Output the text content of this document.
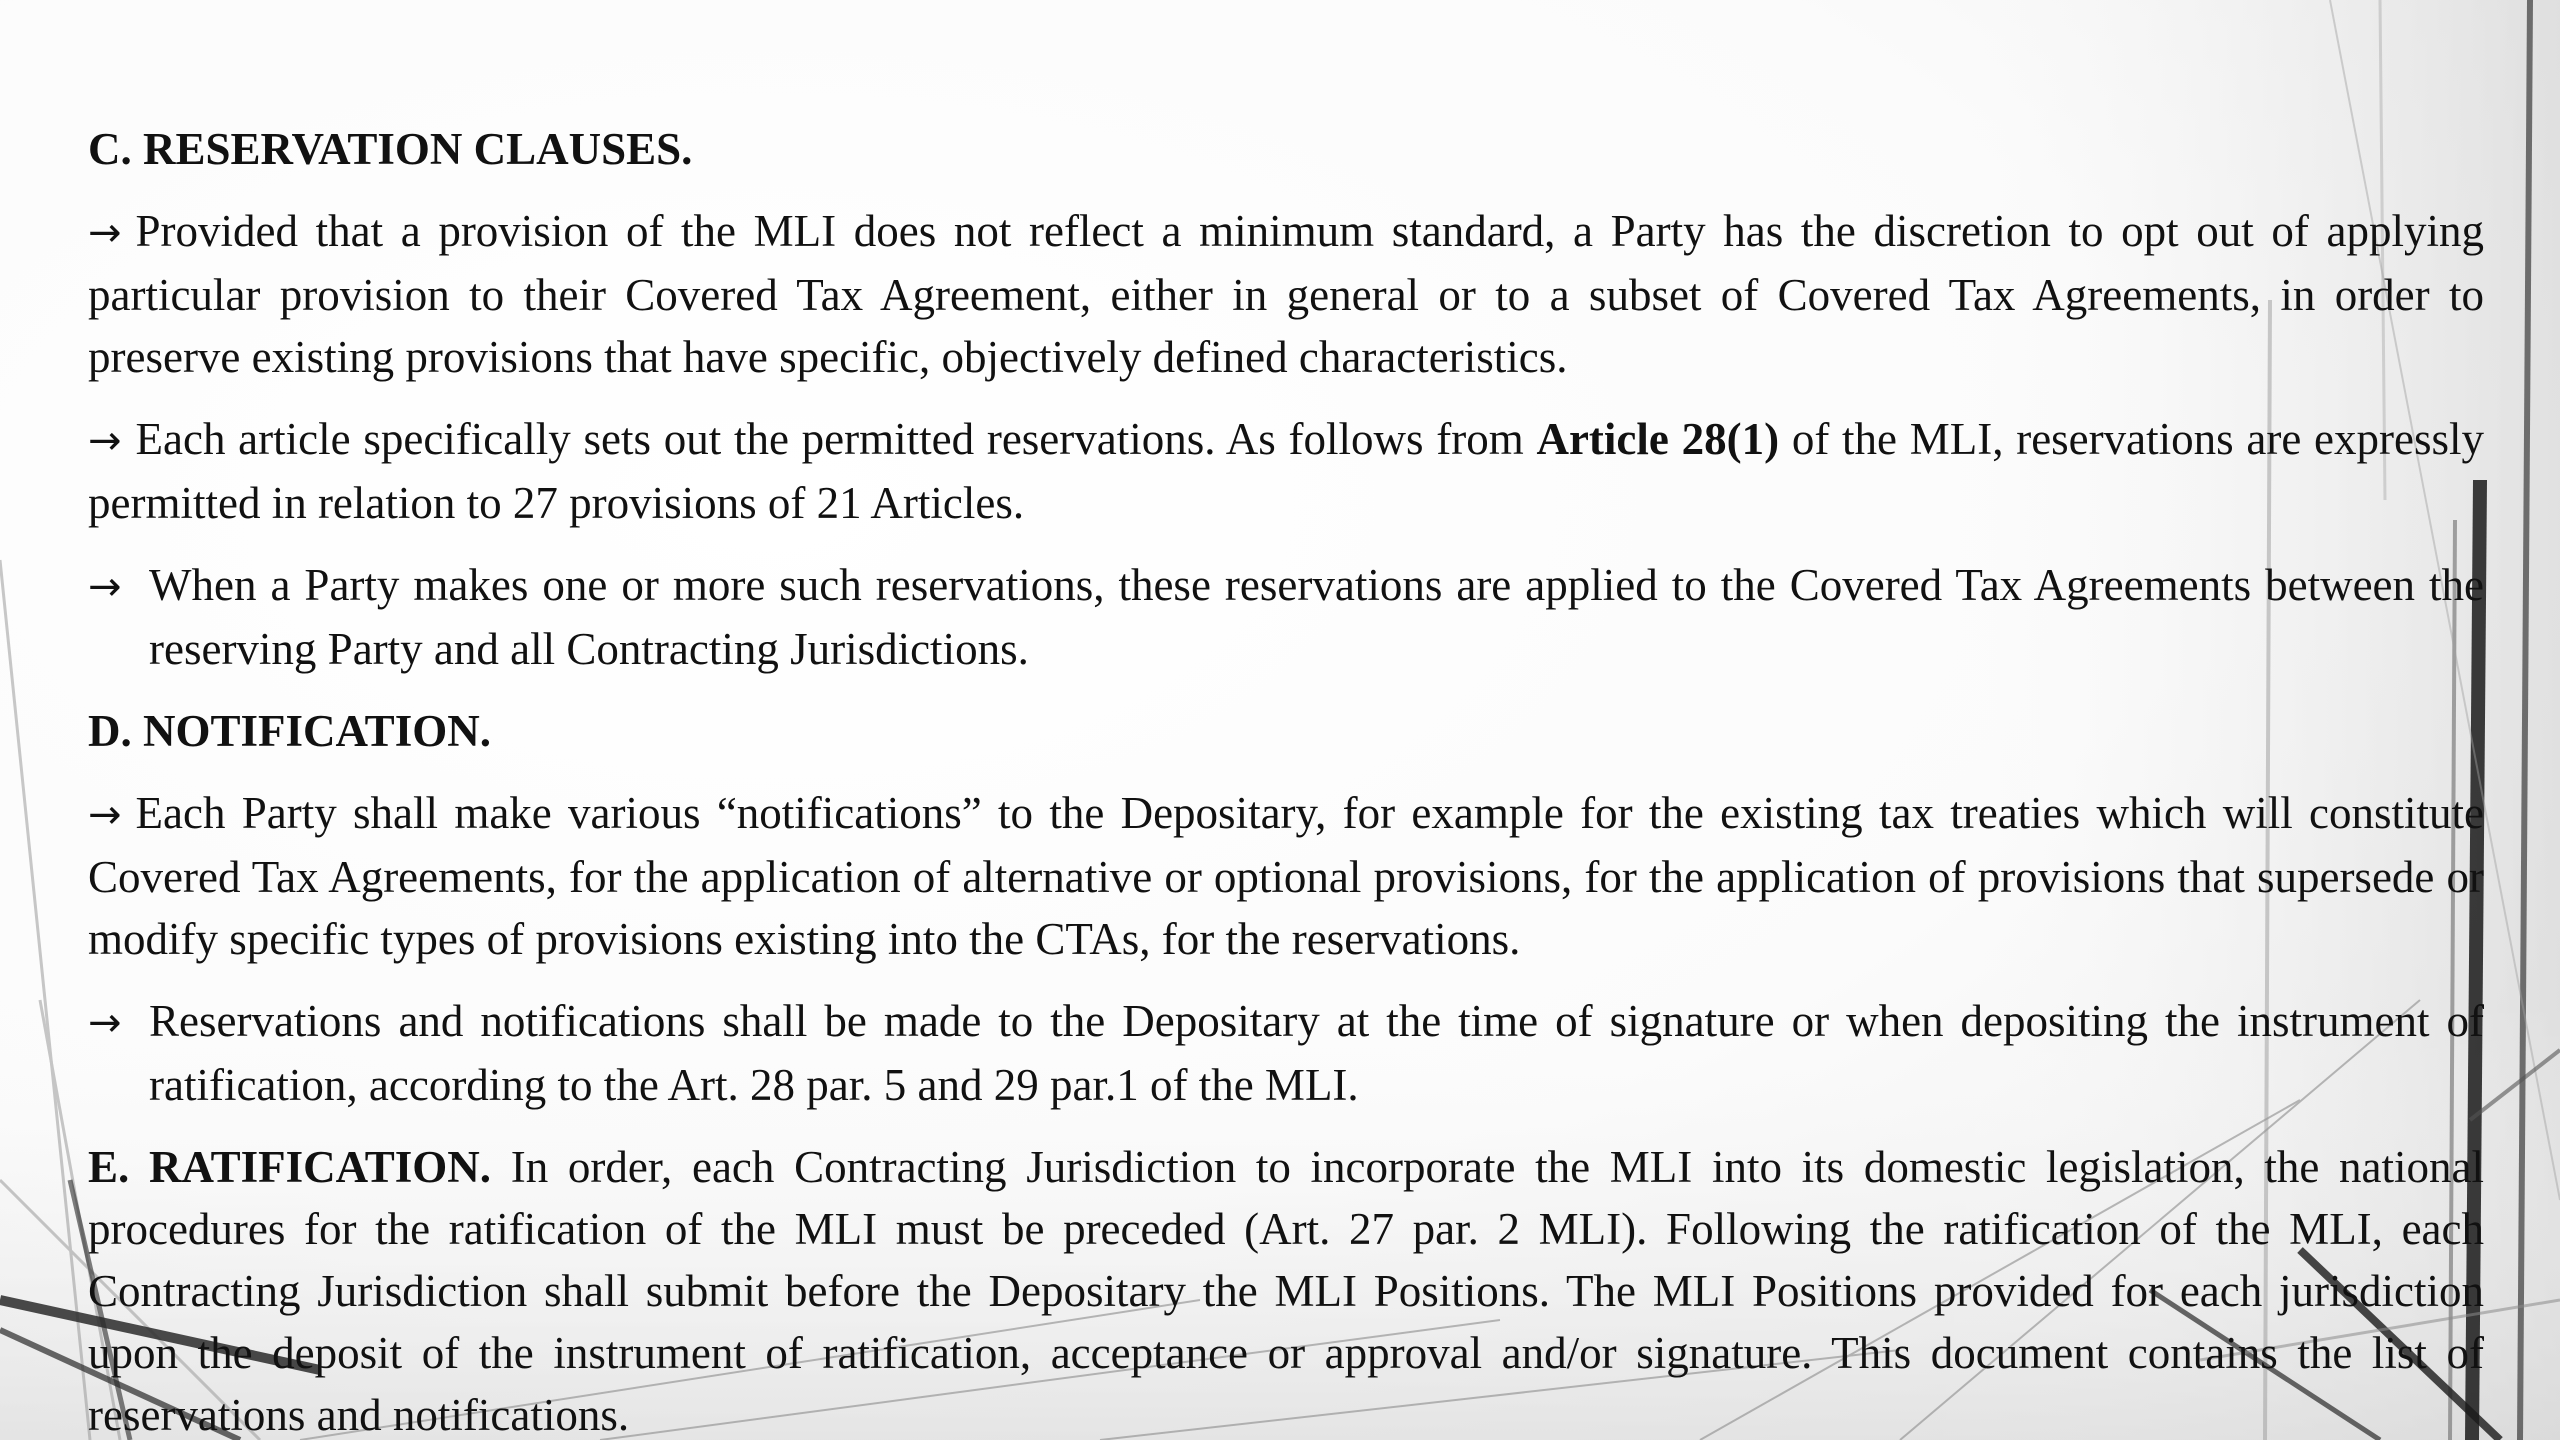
C. RESERVATION CLAUSES.
→ Provided that a provision of the MLI does not reflect a minimum standard, a Party has the discretion to opt out of applying particular provision to their Covered Tax Agreement, either in general or to a subset of Covered Tax Agreements, in order to preserve existing provisions that have specific, objectively defined characteristics.
→ Each article specifically sets out the permitted reservations. As follows from Article 28(1) of the MLI, reservations are expressly permitted in relation to 27 provisions of 21 Articles.
→ When a Party makes one or more such reservations, these reservations are applied to the Covered Tax Agreements between the reserving Party and all Contracting Jurisdictions.
D. NOTIFICATION.
→ Each Party shall make various “notifications” to the Depositary, for example for the existing tax treaties which will constitute Covered Tax Agreements, for the application of alternative or optional provisions, for the application of provisions that supersede or modify specific types of provisions existing into the CTAs, for the reservations.
→ Reservations and notifications shall be made to the Depositary at the time of signature or when depositing the instrument of ratification, according to the Art. 28 par. 5 and 29 par.1 of the MLI.
E. RATIFICATION. In order, each Contracting Jurisdiction to incorporate the MLI into its domestic legislation, the national procedures for the ratification of the MLI must be preceded (Art. 27 par. 2 MLI). Following the ratification of the MLI, each Contracting Jurisdiction shall submit before the Depositary the MLI Positions. The MLI Positions provided for each jurisdiction upon the deposit of the instrument of ratification, acceptance or approval and/or signature. This document contains the list of reservations and notifications.
